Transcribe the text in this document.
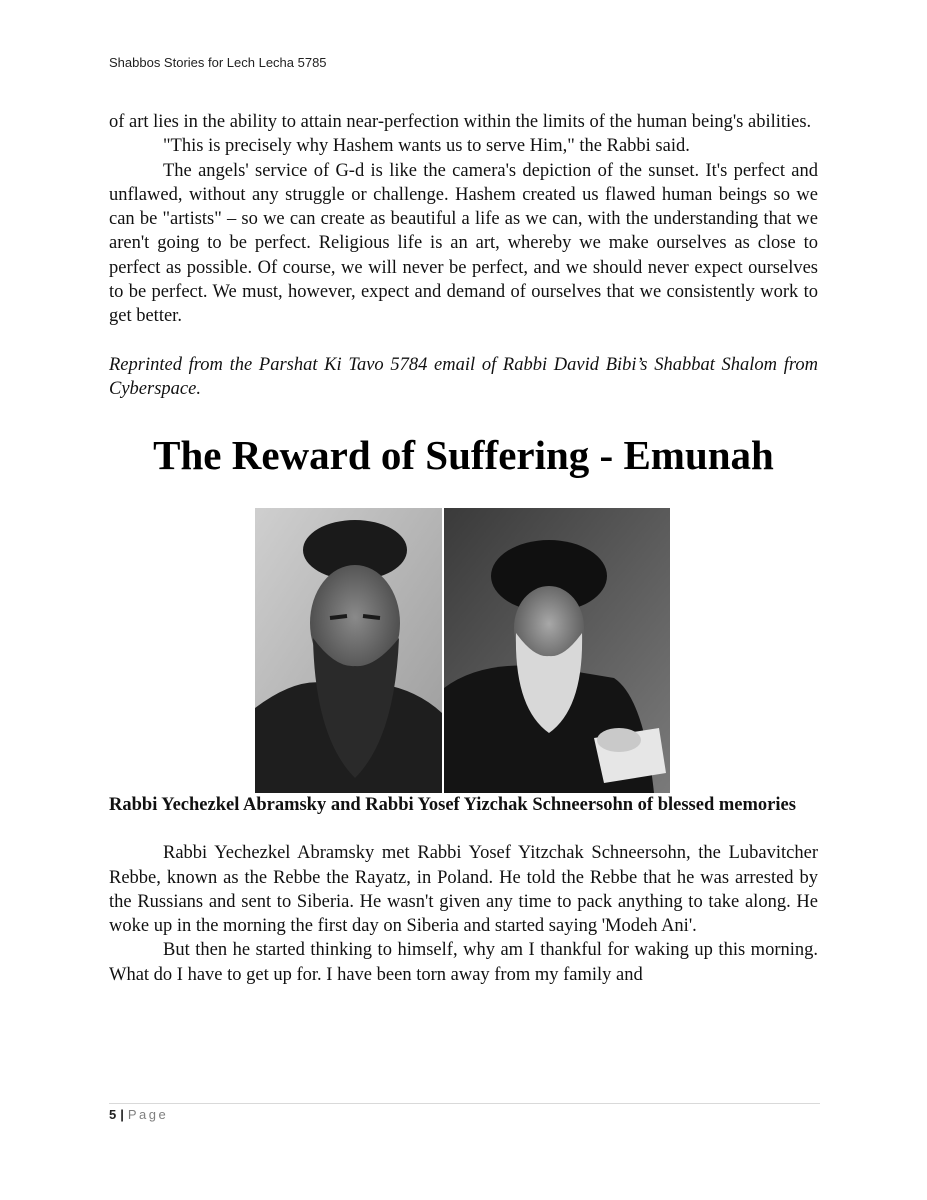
Shabbos Stories for Lech Lecha 5785

of art lies in the ability to attain near-perfection within the limits of the human being's abilities.

"This is precisely why Hashem wants us to serve Him," the Rabbi said.

The angels' service of G-d is like the camera's depiction of the sunset. It's perfect and unflawed, without any struggle or challenge. Hashem created us flawed human beings so we can be "artists" – so we can create as beautiful a life as we can, with the understanding that we aren't going to be perfect. Religious life is an art, whereby we make ourselves as close to perfect as possible. Of course, we will never be perfect, and we should never expect ourselves to be perfect. We must, however, expect and demand of ourselves that we consistently work to get better.

Reprinted from the Parshat Ki Tavo 5784 email of Rabbi David Bibi’s Shabbat Shalom from Cyberspace.

The Reward of Suffering - Emunah

Rabbi Yechezkel Abramsky and Rabbi Yosef Yizchak Schneersohn of blessed memories

Rabbi Yechezkel Abramsky met Rabbi Yosef Yitzchak Schneersohn, the Lubavitcher Rebbe, known as the Rebbe the Rayatz, in Poland. He told the Rebbe that he was arrested by the Russians and sent to Siberia. He wasn't given any time to pack anything to take along. He woke up in the morning the first day on Siberia and started saying 'Modeh Ani'.

But then he started thinking to himself, why am I thankful for waking up this morning. What do I have to get up for. I have been torn away from my family and

5 | Page
